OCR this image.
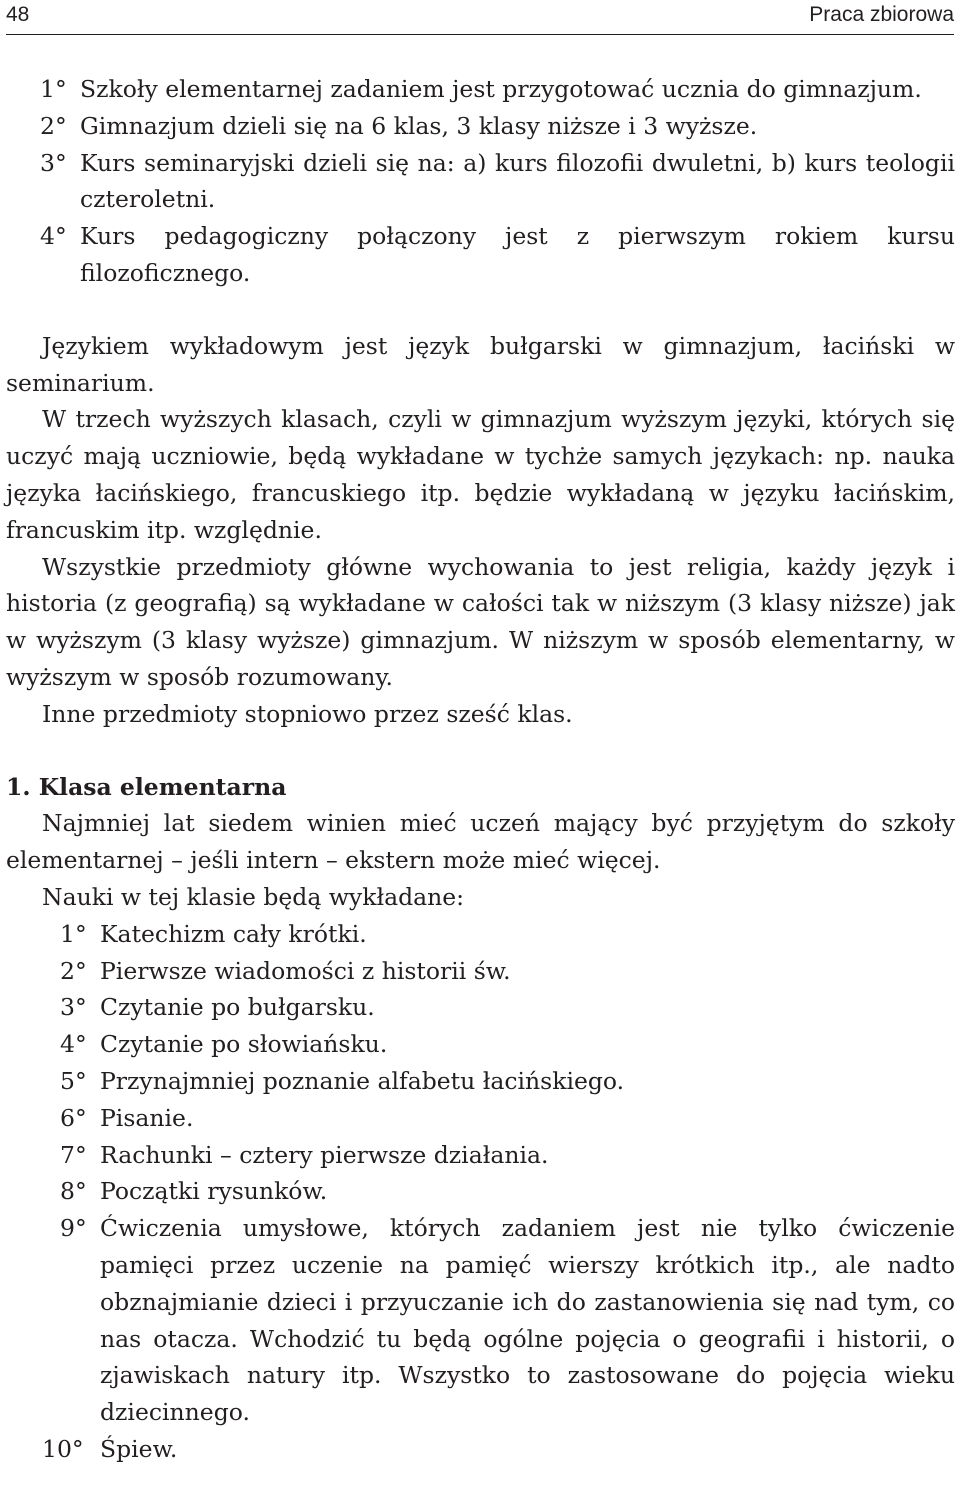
48	Praca zbiorowa
1° Szkoły elementarnej zadaniem jest przygotować ucznia do gimnazjum.
2° Gimnazjum dzieli się na 6 klas, 3 klasy niższe i 3 wyższe.
3° Kurs seminaryjski dzieli się na: a) kurs filozofii dwuletni, b) kurs teologii czteroletni.
4° Kurs pedagogiczny połączony jest z pierwszym rokiem kursu filozoficznego.

Językiem wykładowym jest język bułgarski w gimnazjum, łaciński w seminarium.

W trzech wyższych klasach, czyli w gimnazjum wyższym języki, których się uczyć mają uczniowie, będą wykładane w tychże samych językach: np. nauka języka łacińskiego, francuskiego itp. będzie wykładaną w języku łacińskim, francuskim itp. względnie.

Wszystkie przedmioty główne wychowania to jest religia, każdy język i historia (z geografią) są wykładane w całości tak w niższym (3 klasy niższe) jak w wyższym (3 klasy wyższe) gimnazjum. W niższym w sposób elementarny, w wyższym w sposób rozumowany.

Inne przedmioty stopniowo przez sześć klas.

1. Klasa elementarna

Najmniej lat siedem winien mieć uczeń mający być przyjętym do szkoły elementarnej – jeśli intern – ekstern może mieć więcej.

Nauki w tej klasie będą wykładane:

1° Katechizm cały krótki.
2° Pierwsze wiadomości z historii św.
3° Czytanie po bułgarsku.
4° Czytanie po słowiańsku.
5° Przynajmniej poznanie alfabetu łacińskiego.
6° Pisanie.
7° Rachunki – cztery pierwsze działania.
8° Początki rysunków.
9° Ćwiczenia umysłowe, których zadaniem jest nie tylko ćwiczenie pamięci przez uczenie na pamięć wierszy krótkich itp., ale nadto obznajmianie dzieci i przyuczanie ich do zastanowienia się nad tym, co nas otacza. Wchodzić tu będą ogólne pojęcia o geografii i historii, o zjawiskach natury itp. Wszystko to zastosowane do pojęcia wieku dziecinnego.
10° Śpiew.
